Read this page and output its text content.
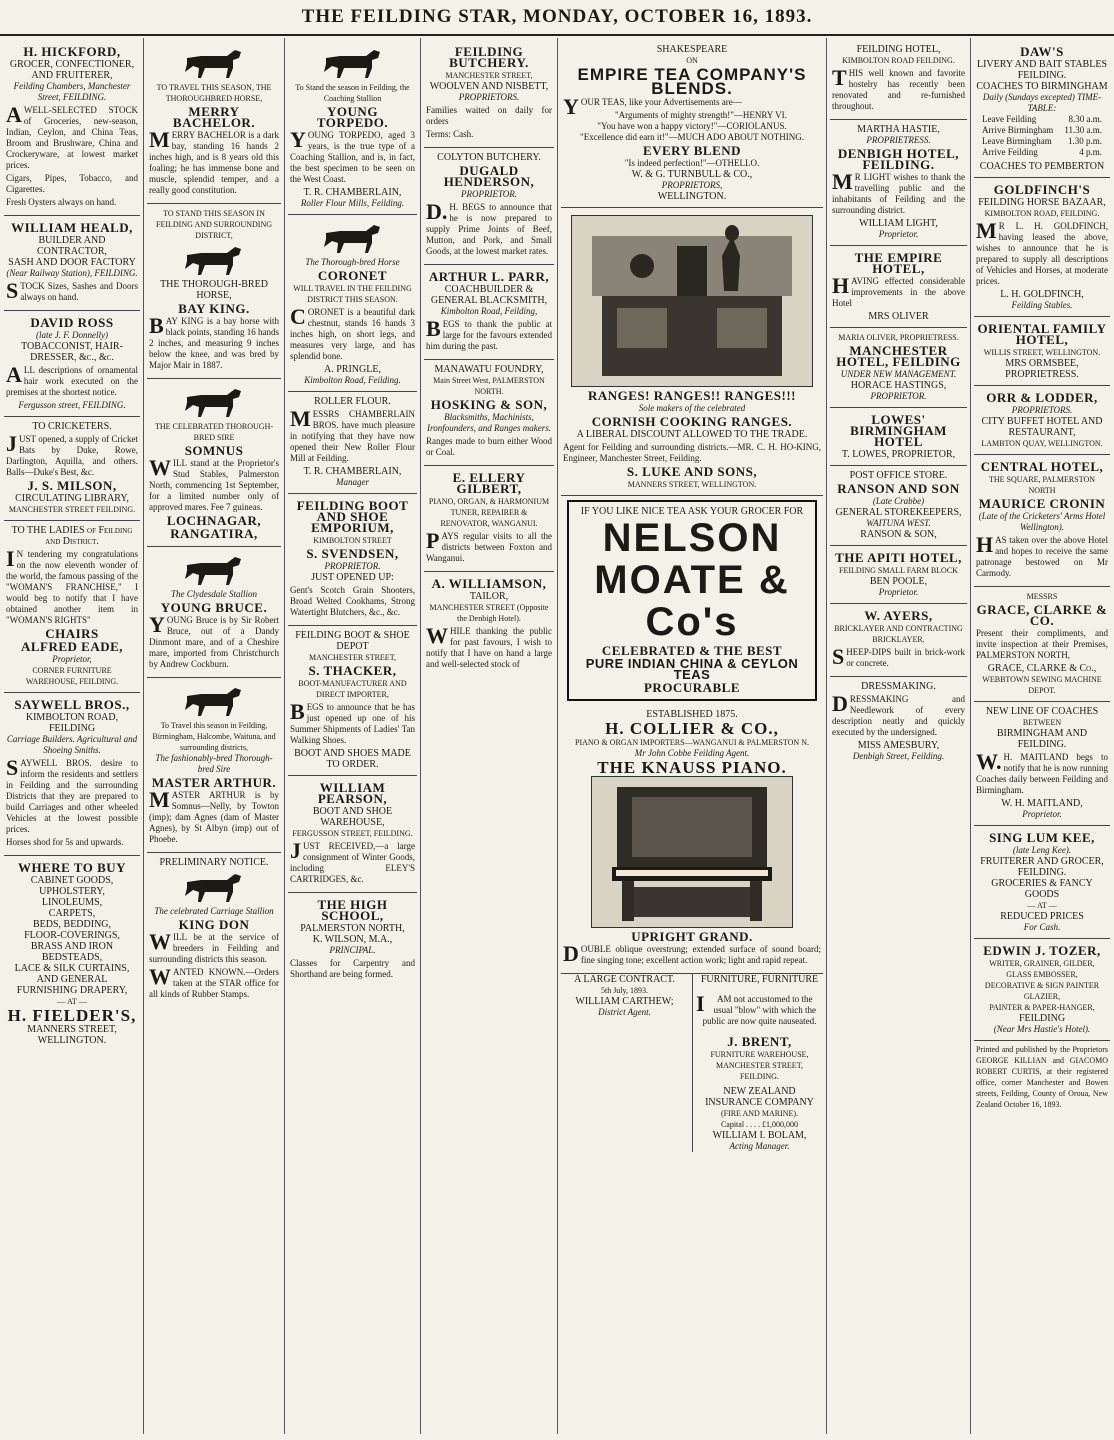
THE FEILDING STAR, MONDAY, OCTOBER 16, 1893.
H. HICKFORD,
GROCER, CONFECTIONER, AND FRUITERER,
Feilding Chambers, Manchester Street, FEILDING.

AWELL-SELECTED STOCK of Groceries, new-season, Indian, Ceylon, and China Teas, Broom and Brushware, China and Crockeryware, at lowest market prices.

Cigars, Pipes, Tobacco, and Cigarettes.

Fresh Oysters always on hand.

WILLIAM HEALD,
BUILDER AND CONTRACTOR,
SASH AND DOOR FACTORY
(Near Railway Station), FEILDING.

STOCK Sizes, Sashes and Doors always on hand.

DAVID ROSS
(late J. F. Donnelly)
TOBACCONIST, HAIR-DRESSER, &c., &c.

ALL descriptions of ornamental hair work executed on the premises at the shortest notice.

Fergusson street, FEILDING.
TO CRICKETERS.

JUST opened, a supply of Cricket Bats by Duke, Rowe, Darlington, Aquilla, and others. Balls—Duke's Best, &c.

J. S. MILSON,
CIRCULATING LIBRARY,
MANCHESTER STREET FEILDING.
TO THE LADIES of Feilding and District.

IN tendering my congratulations on the now eleventh wonder of the world, the famous passing of the "WOMAN'S FRANCHISE," I would beg to notify that I have obtained another item in "WOMAN'S RIGHTS"

CHAIRS
ALFRED EADE,
Proprietor,
CORNER FURNITURE WAREHOUSE, FEILDING.
SAYWELL BROS.,
KIMBOLTON ROAD, FEILDING
Carriage Builders. Agricultural and Shoeing Smiths.

SAYWELL BROS. desire to inform the residents and settlers in Feilding and the surrounding Districts that they are prepared to build Carriages and other wheeled Vehicles at the lowest possible prices.

Horses shod for 5s and upwards.

WHERE TO BUY
CABINET GOODS,
UPHOLSTERY,
LINOLEUMS,
CARPETS,
BEDS, BEDDING,
FLOOR-COVERINGS,
BRASS AND IRON
BEDSTEADS,
LACE & SILK CURTAINS,
AND GENERAL
FURNISHING DRAPERY,
— AT —
H. FIELDER'S,
MANNERS STREET,
WELLINGTON.
TO TRAVEL THIS SEASON, THE THOROUGHBRED HORSE,
MERRY BACHELOR.

MERRY BACHELOR is a dark bay, standing 16 hands 2 inches high, and is 8 years old this foaling; he has immense bone and muscle, splendid temper, and a really good constitution.

TO STAND THIS SEASON IN FEILDING AND SURROUNDING DISTRICT,
THE THOROUGH-BRED HORSE,
BAY KING.

BAY KING is a bay horse with black points, standing 16 hands 2 inches, and measuring 9 inches below the knee, and was bred by Major Mair in 1887.

THE CELEBRATED THOROUGH-BRED SIRE
SOMNUS

WILL stand at the Proprietor's Stud Stables, Palmerston North, commencing 1st September, for a limited number only of approved mares. Fee 7 guineas.

LOCHNAGAR,
RANGATIRA,
The Clydesdale Stallion
YOUNG BRUCE.

YOUNG Bruce is by Sir Robert Bruce, out of a Dandy Dinmont mare, and of a Cheshire mare, imported from Christchurch by Andrew Cockburn.

To Travel this season in Feilding, Birmingham, Halcombe, Waituna, and surrounding districts,
The fashionably-bred Thorough-bred Sire
MASTER ARTHUR.

MASTER ARTHUR is by Somnus—Nelly, by Towton (imp); dam Agnes (dam of Master Agnes), by St Albyn (imp) out of Phoebe.

PRELIMINARY NOTICE.
The celebrated Carriage Stallion
KING DON

WILL be at the service of breeders in Feilding and surrounding districts this season.

WANTED KNOWN.—Orders taken at the STAR office for all kinds of Rubber Stamps.

To Stand the season in Feilding, the Coaching Stallion
YOUNG TORPEDO.

YOUNG TORPEDO, aged 3 years, is the true type of a Coaching Stallion, and is, in fact, the best specimen to be seen on the West Coast.

T. R. CHAMBERLAIN,
Roller Flour Mills, Feilding.
The Thorough-bred Horse
CORONET
WILL TRAVEL IN THE FEILDING DISTRICT THIS SEASON.

CORONET is a beautiful dark chestnut, stands 16 hands 3 inches high, on short legs, and measures very large, and has splendid bone.

A. PRINGLE,
Kimbolton Road, Feilding.
ROLLER FLOUR.

MESSRS CHAMBERLAIN BROS. have much pleasure in notifying that they have now opened their New Roller Flour Mill at Feilding.

T. R. CHAMBERLAIN,
Manager
FEILDING BOOT AND SHOE EMPORIUM,
KIMBOLTON STREET
S. SVENDSEN,
PROPRIETOR.
JUST OPENED UP:

Gent's Scotch Grain Shooters, Broad Welted Cookhams, Strong Watertight Blutchers, &c., &c.

FEILDING BOOT & SHOE DEPOT
MANCHESTER STREET,
S. THACKER,
BOOT-MANUFACTURER AND DIRECT IMPORTER,

BEGS to announce that he has just opened up one of his Summer Shipments of Ladies' Tan Walking Shoes.

BOOT AND SHOES MADE TO ORDER.
WILLIAM PEARSON,
BOOT AND SHOE WAREHOUSE,
FERGUSSON STREET, FEILDING.

JUST RECEIVED,—a large consignment of Winter Goods, including ELEY'S CARTRIDGES, &c.

THE HIGH SCHOOL,
PALMERSTON NORTH,
K. WILSON, M.A.,
PRINCIPAL.

Classes for Carpentry and Shorthand are being formed.

FEILDING BUTCHERY.
MANCHESTER STREET,
WOOLVEN AND NISBETT,
PROPRIETORS.

Families waited on daily for orders

Terms: Cash.

COLYTON BUTCHERY.
DUGALD HENDERSON,
PROPRIETOR.

D.H. BEGS to announce that he is now prepared to supply Prime Joints of Beef, Mutton, and Pork, and Small Goods, at the lowest market rates.

ARTHUR L. PARR,
COACHBUILDER & GENERAL BLACKSMITH,
Kimbolton Road, Feilding,

BEGS to thank the public at large for the favours extended him during the past.

MANAWATU FOUNDRY,
Main Street West, PALMERSTON NORTH.
HOSKING & SON,
Blacksmiths, Machinists, Ironfounders, and Ranges makers.

Ranges made to burn either Wood or Coal.

E. ELLERY GILBERT,
PIANO, ORGAN, & HARMONIUM TUNER, REPAIRER & RENOVATOR, WANGANUI.

PAYS regular visits to all the districts between Foxton and Wanganui.

A. WILLIAMSON,
TAILOR,
MANCHESTER STREET (Opposite the Denbigh Hotel).

WHILE thanking the public for past favours, I wish to notify that I have on hand a large and well-selected stock of

SHAKESPEARE
ON
EMPIRE TEA COMPANY'S
BLENDS.

YOUR TEAS, like your Advertisements are—

"Arguments of mighty strength!"—HENRY VI.
"You have won a happy victory!"—CORIOLANUS.
"Excellence did earn it!"—MUCH ADO ABOUT NOTHING.
EVERY BLEND
"Is indeed perfection!"—OTHELLO.
W. & G. TURNBULL & CO.,
PROPRIETORS,
WELLINGTON.
RANGES! RANGES!! RANGES!!!
Sole makers of the celebrated
CORNISH COOKING RANGES.
A LIBERAL DISCOUNT ALLOWED TO THE TRADE.

Agent for Feilding and surrounding districts.—MR. C. H. HO-KING, Engineer, Manchester Street, Feilding.

S. LUKE AND SONS,
MANNERS STREET, WELLINGTON.
IF YOU LIKE NICE TEA ASK YOUR GROCER FOR
NELSON MOATE & Co's
CELEBRATED & THE BEST
PURE INDIAN CHINA & CEYLON TEAS
PROCURABLE
ESTABLISHED 1875.
H. COLLIER & CO.,
PIANO & ORGAN IMPORTERS—WANGANUI & PALMERSTON N.
Mr John Cobbe Feilding Agent.
THE KNAUSS PIANO.
UPRIGHT GRAND.

DOUBLE oblique overstrung; extended surface of sound board; fine singing tone; excellent action work; light and rapid repeat.

A LARGE CONTRACT.
5th July, 1893.
WILLIAM CARTHEW;
District Agent.
FURNITURE, FURNITURE

IAM not accustomed to the usual "blow" with which the public are now quite nauseated.

J. BRENT,
FURNITURE WAREHOUSE,
MANCHESTER STREET, FEILDING.
NEW ZEALAND INSURANCE COMPANY
(FIRE AND MARINE).
Capital . . . . £1,000,000
WILLIAM I. BOLAM,
Acting Manager.
FEILDING HOTEL,
KIMBOLTON ROAD FEILDING.

THIS well known and favorite hostelry has recently been renovated and re-furnished throughout.

MARTHA HASTIE,
PROPRIETRESS.
DENBIGH HOTEL, FEILDING.

MR LIGHT wishes to thank the travelling public and the inhabitants of Feilding and the surrounding district.

WILLIAM LIGHT,
Proprietor.
THE EMPIRE HOTEL,

HAVING effected considerable improvements in the above Hotel

MRS OLIVER
MARIA OLIVER, PROPRIETRESS.
MANCHESTER HOTEL, FEILDING
UNDER NEW MANAGEMENT.
HORACE HASTINGS,
PROPRIETOR.
LOWES' BIRMINGHAM HOTEL
T. LOWES, PROPRIETOR,
POST OFFICE STORE.
RANSON AND SON
(Late Crabbe)
GENERAL STOREKEEPERS,
WAITUNA WEST.
RANSON & SON,
THE APITI HOTEL,
FEILDING SMALL FARM BLOCK
BEN POOLE,
Proprietor.
W. AYERS,
BRICKLAYER AND CONTRACTING BRICKLAYER.

SHEEP-DIPS built in brick-work or concrete.

DRESSMAKING.

DRESSMAKING and Needlework of every description neatly and quickly executed by the undersigned.

MISS AMESBURY,
Denbigh Street, Feilding.
DAW'S
LIVERY AND BAIT STABLES FEILDING.
COACHES TO BIRMINGHAM
Daily (Sundays excepted) TIME-TABLE:
Leave Feilding	8.30 a.m.
Arrive Birmingham 11.30 a.m.
Leave Birmingham 1.30 p.m.
Arrive Feilding	4 p.m.
COACHES TO PEMBERTON
GOLDFINCH'S
FEILDING HORSE BAZAAR,
KIMBOLTON ROAD, FEILDING.

MR L. H. GOLDFINCH, having leased the above, wishes to announce that he is prepared to supply all descriptions of Vehicles and Horses, at moderate prices.

L. H. GOLDFINCH,
Feilding Stables.
ORIENTAL FAMILY HOTEL,
WILLIS STREET, WELLINGTON.
MRS ORMSBEE, PROPRIETRESS.
ORR & LODDER,
PROPRIETORS.
CITY BUFFET HOTEL AND RESTAURANT,
LAMBTON QUAY, WELLINGTON.
CENTRAL HOTEL,
THE SQUARE, PALMERSTON NORTH
MAURICE CRONIN
(Late of the Cricketers' Arms Hotel Wellington).

HAS taken over the above Hotel and hopes to receive the same patronage bestowed on Mr Carmody.

MESSRS
GRACE, CLARKE & CO.

Present their compliments, and invite inspection at their Premises, PALMERSTON NORTH,

GRACE, CLARKE & Co.,
WEBBTOWN SEWING MACHINE DEPOT.
NEW LINE OF COACHES
BETWEEN
BIRMINGHAM AND FEILDING.

W.H. MAITLAND begs to notify that he is now running Coaches daily between Feilding and Birmingham.

W. H. MAITLAND,
Proprietor.
SING LUM KEE,
(late Leng Kee).
FRUITERER AND GROCER,
FEILDING.
GROCERIES & FANCY GOODS
— AT —
REDUCED PRICES
For Cash.
EDWIN J. TOZER,
WRITER, GRAINER, GILDER, GLASS EMBOSSER,
DECORATIVE & SIGN PAINTER GLAZIER,
PAINTER & PAPER-HANGER,
FEILDING
(Near Mrs Hastie's Hotel).
Printed and published by the Proprietors GEORGE KILLIAN and GIACOMO ROBERT CURTIS, at their registered office, corner Manchester and Bowen streets, Feilding, County of Oroua, New Zealand October 16, 1893.
